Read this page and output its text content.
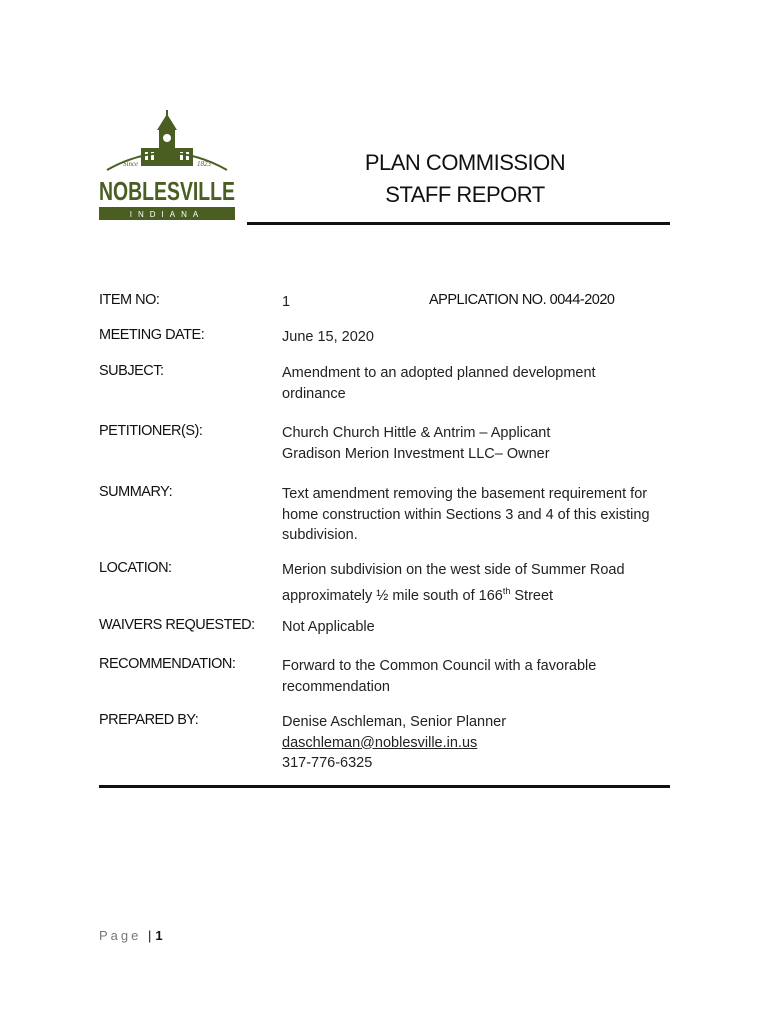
Since	1823
NOBLESVILLE
INDIANA
PLAN COMMISSION
STAFF REPORT
ITEM NO:	1	APPLICATION NO. 0044-2020
MEETING DATE:	June 15, 2020
SUBJECT:	Amendment to an adopted planned development
ordinance
PETITIONER(S):	Church Church Hittle & Antrim – Applicant
Gradison Merion Investment LLC– Owner
SUMMARY:	Text amendment removing the basement requirement for
home construction within Sections 3 and 4 of this existing
subdivision.
LOCATION:	Merion subdivision on the west side of Summer Road
approximately ½ mile south of 166th Street
WAIVERS REQUESTED: Not Applicable
RECOMMENDATION:	Forward to the Common Council with a favorable
recommendation
PREPARED BY:	Denise Aschleman, Senior Planner
daschleman@noblesville.in.us
317-776-6325
Page | 1
